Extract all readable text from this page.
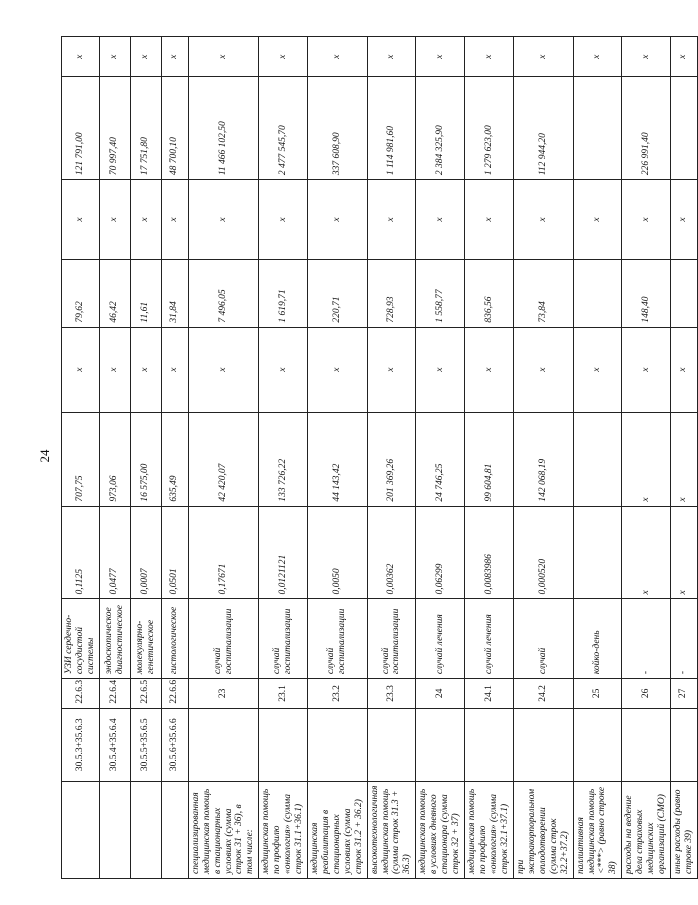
24
	30.5.3+35.6.3	22.6.3	УЗИ сердечно-сосудистой системы	0,1125	707,75	x	79,62	x	121 791,00	x
	30.5.4+35.6.4	22.6.4	эндоскопическое диагностическое	0,0477	973,06	x	46,42	x	70 997,40	x
	30.5.5+35.6.5	22.6.5	молекулярно-генетическое	0,0007	16 575,00	x	11,61	x	17 751,80	x
	30.5.6+35.6.6	22.6.6	гистологическое	0,0501	635,49	x	31,84	x	48 700,10	x
специализированная медицинская помощь в стационарных условиях (сумма строк 31 + 36), в том числе:		23	случай госпитализации	0,17671	42 420,07	x	7 496,05	x	11 466 102,50	x
медицинская помощь по профилю «онкология» (сумма строк 31.1+36.1)		23.1	случай госпитализации	0,0121121	133 726,22	x	1 619,71	x	2 477 545,70	x
медицинская реабилитация в стационарных условиях (сумма строк 31.2 + 36.2)		23.2	случай госпитализации	0,0050	44 143,42	x	220,71	x	337 608,90	x
высокотехнологичная медицинская помощь (сумма строк 31.3 + 36.3)		23.3	случай госпитализации	0,00362	201 369,26	x	728,93	x	1 114 981,60	x
медицинская помощь в условиях дневного стационара (сумма строк 32 + 37)		24	случай лечения	0,06299	24 746,25	x	1 558,77	x	2 384 325,90	x
медицинская помощь по профилю «онкология» (сумма строк 32.1+37.1)		24.1	случай лечения	0,0083986	99 604,81	x	836,56	x	1 279 623,00	x
при экстракорпоральном оплодотворении (сумма строк 32.2+37.2)		24.2	случай	0,000520	142 068,19	x	73,84	x	112 944,20	x
паллиативная медицинская помощь <***> (равно строке 38)		25	койко-день			x		x		x
расходы на ведение дела страховых медицинских организаций (СМО)		26	-	x	x	x	148,40	x	226 991,40	x
иные расходы (равно строке 39)		27	-	x	x	x		x		x
